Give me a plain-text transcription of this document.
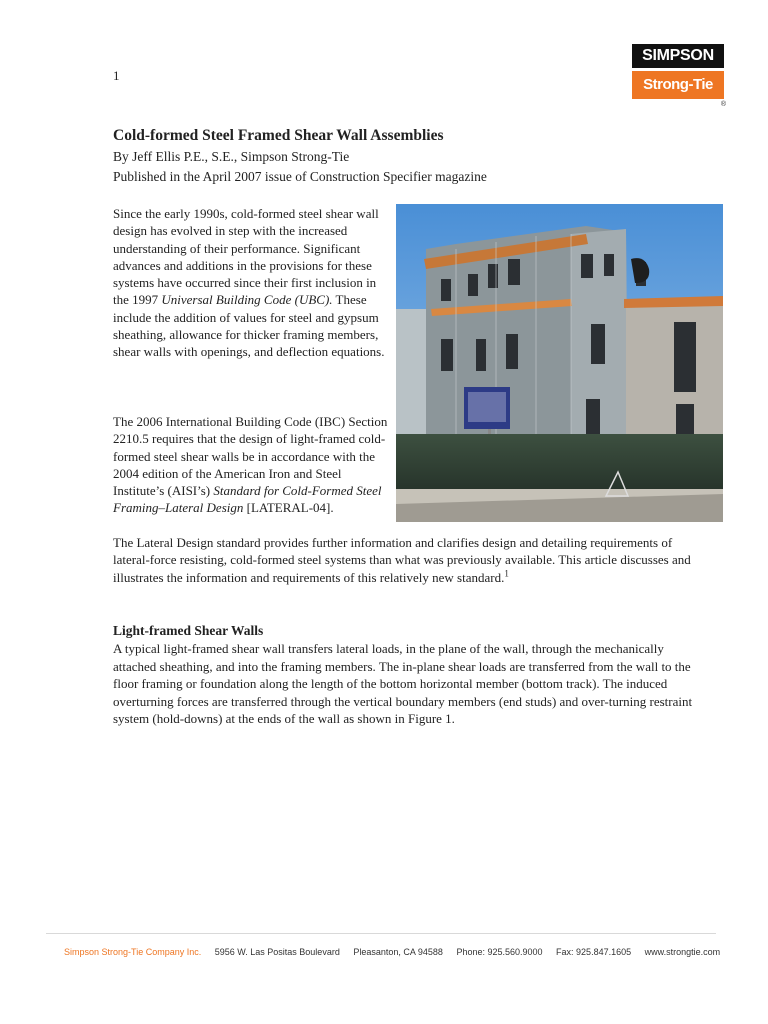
1
SIMPSON
Strong-Tie
®
Cold-formed Steel Framed Shear Wall Assemblies

By Jeff Ellis P.E., S.E., Simpson Strong-Tie

Published in the April 2007 issue of Construction Specifier magazine

Since the early 1990s, cold-formed steel shear wall design has evolved in step with the increased understanding of their performance. Significant advances and additions in the provisions for these systems have occurred since their first inclusion in the 1997 Universal Building Code (UBC). These include the addition of values for steel and gypsum sheathing, allowance for thicker framing members, shear walls with openings, and deflection equations.

The 2006 International Building Code (IBC) Section 2210.5 requires that the design of light-framed cold-formed steel shear walls be in accordance with the 2004 edition of the American Iron and Steel Institute’s (AISI’s) Standard for Cold-Formed Steel Framing–Lateral Design [LATERAL-04].

The Lateral Design standard provides further information and clarifies design and detailing requirements of lateral-force resisting, cold-formed steel systems than what was previously available. This article discusses and illustrates the information and requirements of this relatively new standard.$^1$

Light-framed Shear Walls

A typical light-framed shear wall transfers lateral loads, in the plane of the wall, through the mechanically attached sheathing, and into the framing members. The in-plane shear loads are transferred from the wall to the floor framing or foundation along the length of the bottom horizontal member (bottom track). The induced overturning forces are transferred through the vertical boundary members (end studs) and over-turning restraint system (hold-downs) at the ends of the wall as shown in Figure 1.

Simpson Strong-Tie Company Inc. 5956 W. Las Positas Boulevard Pleasanton, CA 94588 Phone: 925.560.9000 Fax: 925.847.1605 www.strongtie.com
